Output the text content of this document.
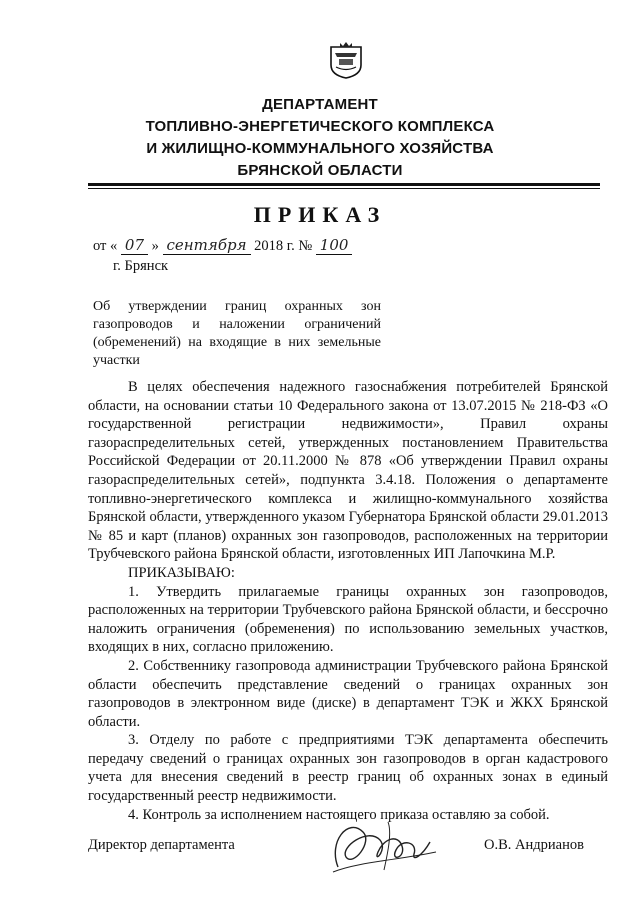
ДЕПАРТАМЕНТ
ТОПЛИВНО-ЭНЕРГЕТИЧЕСКОГО КОМПЛЕКСА
И ЖИЛИЩНО-КОММУНАЛЬНОГО ХОЗЯЙСТВА
БРЯНСКОЙ ОБЛАСТИ
ПРИКАЗ
от « 07 » сентября 2018 г. № 100
г. Брянск
Об утверждении границ охранных зон газопроводов и наложении ограничений (обременений) на входящие в них земельные участки

В целях обеспечения надежного газоснабжения потребителей Брянской области, на основании статьи 10 Федерального закона от 13.07.2015 № 218-ФЗ «О государственной регистрации недвижимости», Правил охраны газораспределительных сетей, утвержденных постановлением Правительства Российской Федерации от 20.11.2000 № 878 «Об утверждении Правил охраны газораспределительных сетей», подпункта 3.4.18. Положения о департаменте топливно-энергетического комплекса и жилищно-коммунального хозяйства Брянской области, утвержденного указом Губернатора Брянской области 29.01.2013 № 85 и карт (планов) охранных зон газопроводов, расположенных на территории Трубчевского района Брянской области, изготовленных ИП Лапочкина М.Р.

ПРИКАЗЫВАЮ:

1. Утвердить прилагаемые границы охранных зон газопроводов, расположенных на территории Трубчевского района Брянской области, и бессрочно наложить ограничения (обременения) по использованию земельных участков, входящих в них, согласно приложению.

2. Собственнику газопровода администрации Трубчевского района Брянской области обеспечить представление сведений о границах охранных зон газопроводов в электронном виде (диске) в департамент ТЭК и ЖКХ Брянской области.

3. Отделу по работе с предприятиями ТЭК департамента обеспечить передачу сведений о границах охранных зон газопроводов в орган кадастрового учета для внесения сведений в реестр границ об охранных зонах в единый государственный реестр недвижимости.

4. Контроль за исполнением настоящего приказа оставляю за собой.

Директор департамента	О.В. Андрианов
